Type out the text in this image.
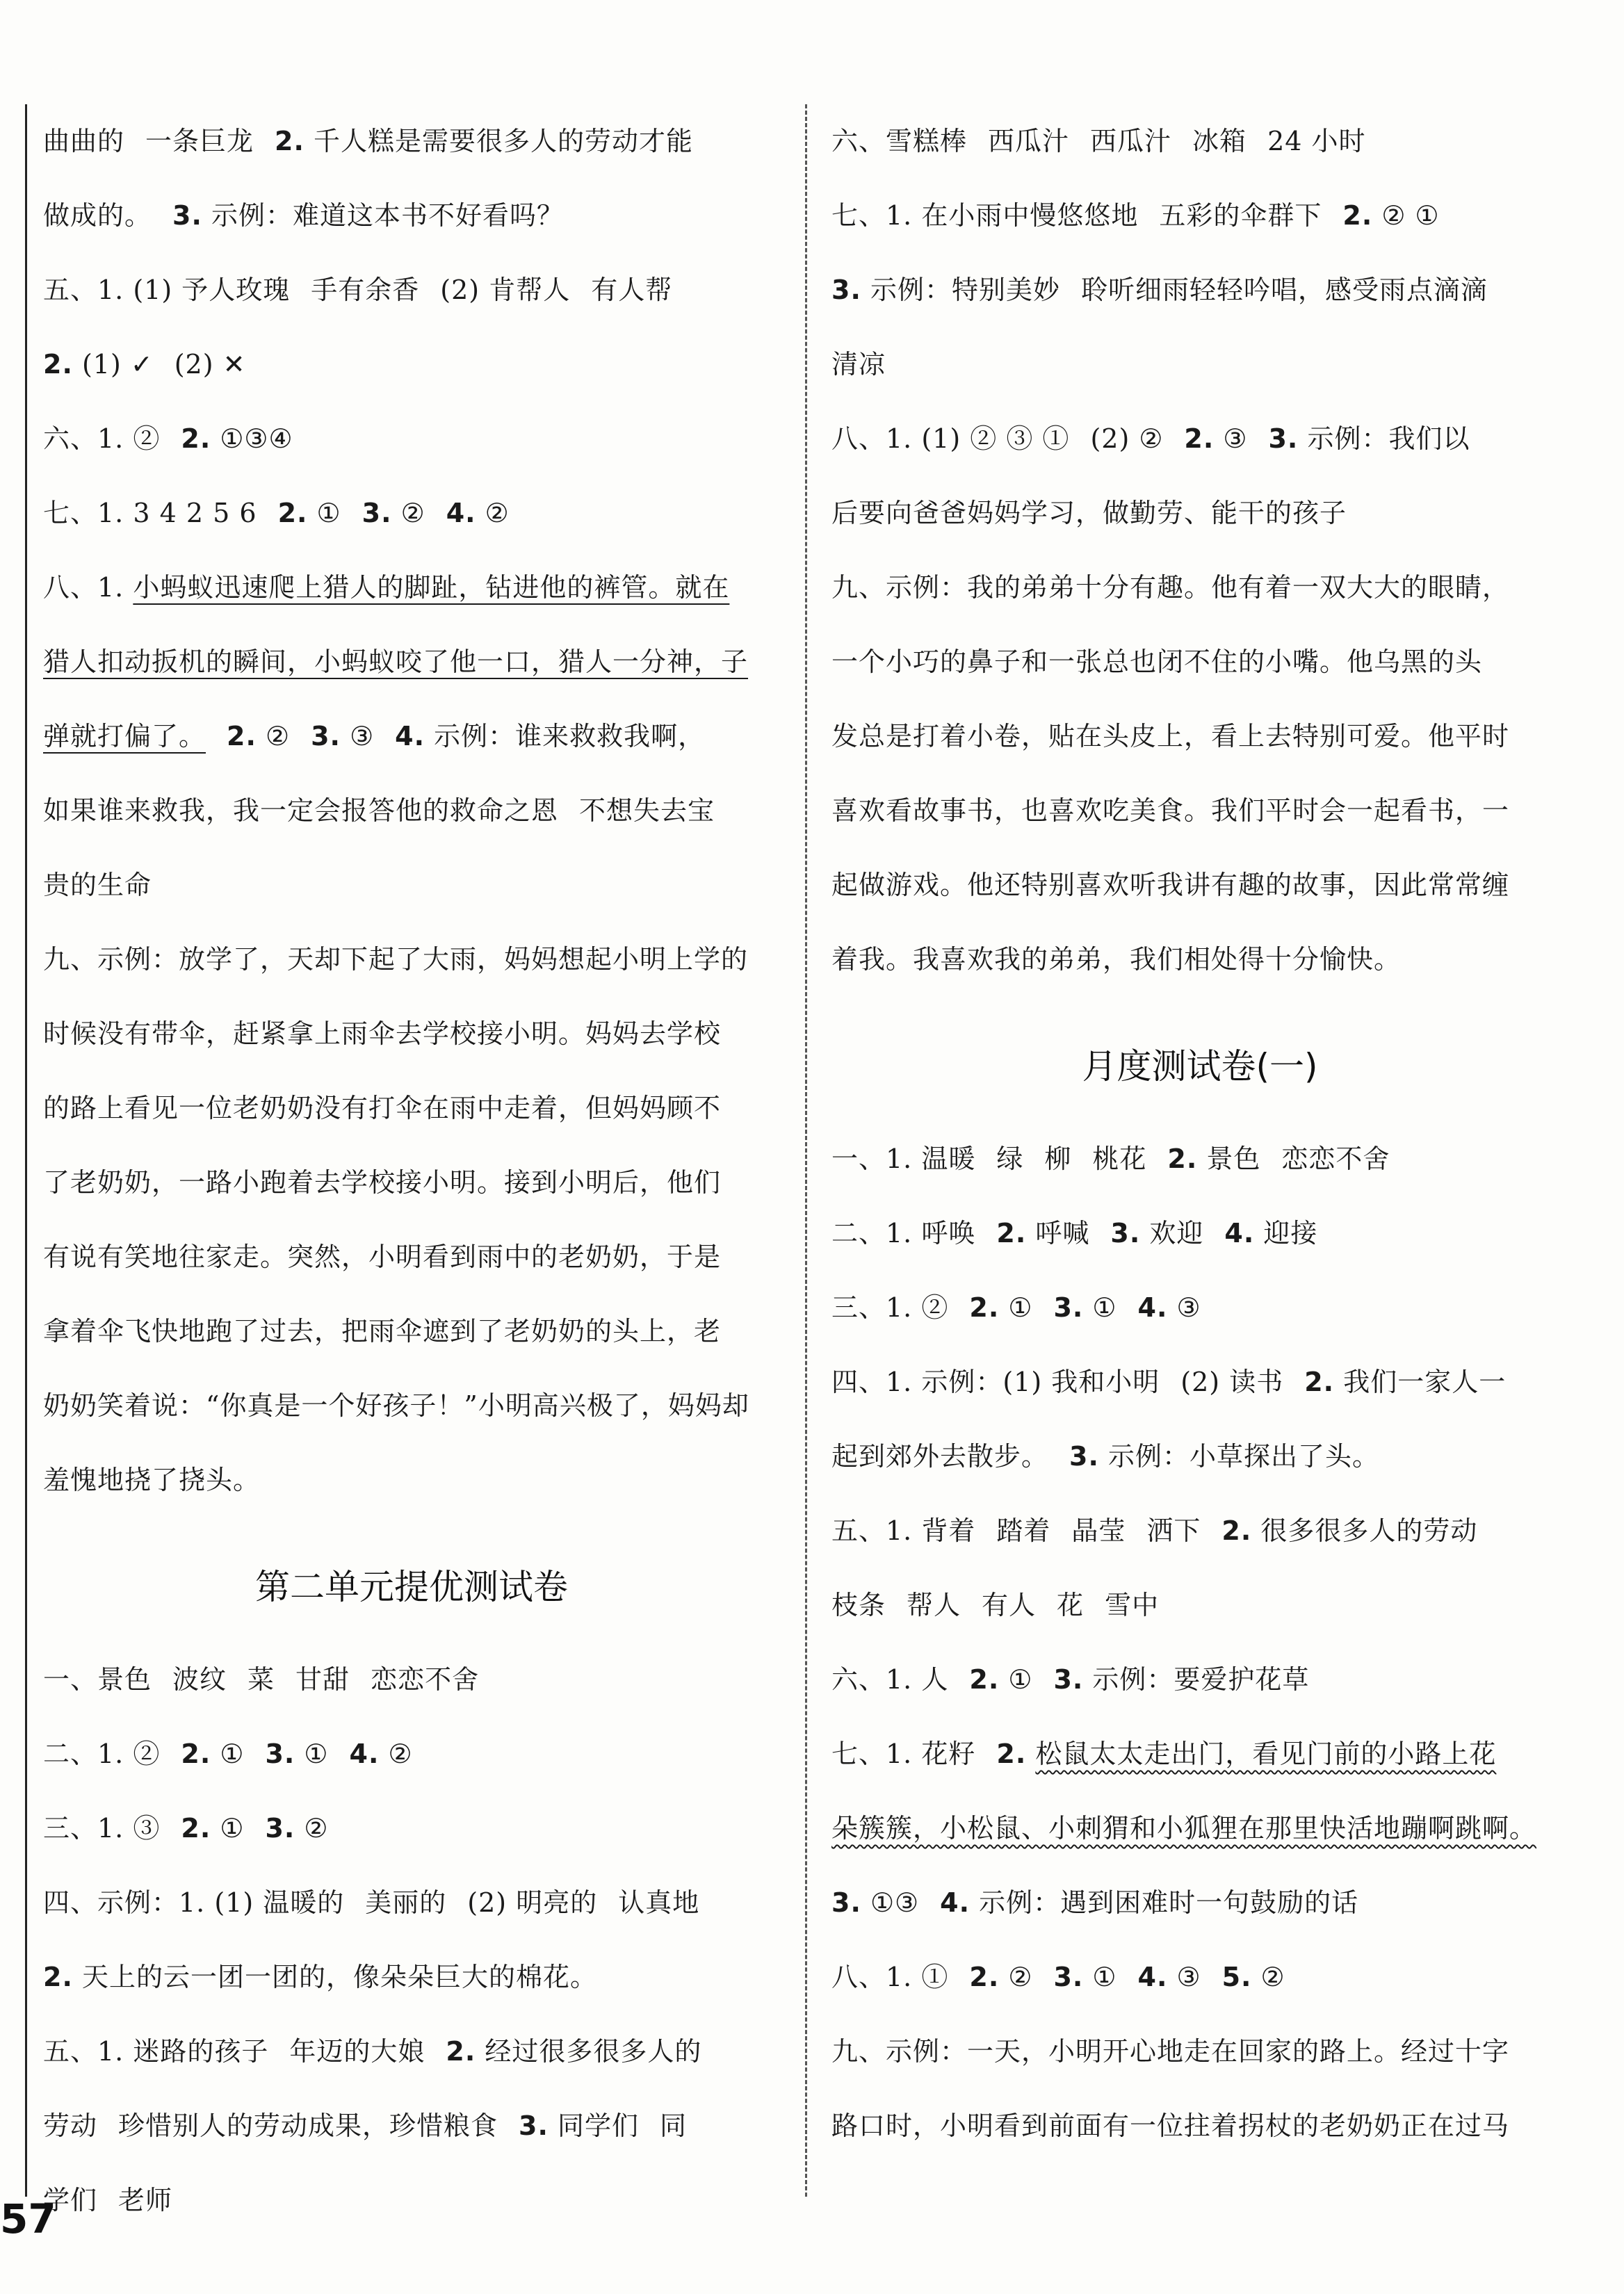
曲曲的 一条巨龙 2. 千人糕是需要很多人的劳动才能
做成的。 3. 示例：难道这本书不好看吗？
五、1. (1) 予人玫瑰 手有余香 (2) 肯帮人 有人帮
2. (1) ✓ (2) ✕
六、1. ② 2. ①③④
七、1. 3 4 2 5 6 2. ① 3. ② 4. ②
八、1. 小蚂蚁迅速爬上猎人的脚趾，钻进他的裤管。就在
猎人扣动扳机的瞬间，小蚂蚁咬了他一口，猎人一分神，子
弹就打偏了。 2. ② 3. ③ 4. 示例：谁来救救我啊，
如果谁来救我，我一定会报答他的救命之恩 不想失去宝
贵的生命
九、示例：放学了，天却下起了大雨，妈妈想起小明上学的
时候没有带伞，赶紧拿上雨伞去学校接小明。妈妈去学校
的路上看见一位老奶奶没有打伞在雨中走着，但妈妈顾不
了老奶奶，一路小跑着去学校接小明。接到小明后，他们
有说有笑地往家走。突然，小明看到雨中的老奶奶，于是
拿着伞飞快地跑了过去，把雨伞遮到了老奶奶的头上，老
奶奶笑着说：“你真是一个好孩子！”小明高兴极了，妈妈却
羞愧地挠了挠头。
第二单元提优测试卷
一、景色 波纹 菜 甘甜 恋恋不舍
二、1. ② 2. ① 3. ① 4. ②
三、1. ③ 2. ① 3. ②
四、示例：1. (1) 温暖的 美丽的 (2) 明亮的 认真地
2. 天上的云一团一团的，像朵朵巨大的棉花。
五、1. 迷路的孩子 年迈的大娘 2. 经过很多很多人的
劳动 珍惜别人的劳动成果，珍惜粮食 3. 同学们 同
学们 老师
六、雪糕棒 西瓜汁 西瓜汁 冰箱 24 小时
七、1. 在小雨中慢悠悠地 五彩的伞群下 2. ② ①
3. 示例：特别美妙 聆听细雨轻轻吟唱，感受雨点滴滴
清凉
八、1. (1) ② ③ ① (2) ② 2. ③ 3. 示例：我们以
后要向爸爸妈妈学习，做勤劳、能干的孩子
九、示例：我的弟弟十分有趣。他有着一双大大的眼睛，
一个小巧的鼻子和一张总也闭不住的小嘴。他乌黑的头
发总是打着小卷，贴在头皮上，看上去特别可爱。他平时
喜欢看故事书，也喜欢吃美食。我们平时会一起看书，一
起做游戏。他还特别喜欢听我讲有趣的故事，因此常常缠
着我。我喜欢我的弟弟，我们相处得十分愉快。
月度测试卷(一)
一、1. 温暖 绿 柳 桃花 2. 景色 恋恋不舍
二、1. 呼唤 2. 呼喊 3. 欢迎 4. 迎接
三、1. ② 2. ① 3. ① 4. ③
四、1. 示例：(1) 我和小明 (2) 读书 2. 我们一家人一
起到郊外去散步。 3. 示例：小草探出了头。
五、1. 背着 踏着 晶莹 洒下 2. 很多很多人的劳动
枝条 帮人 有人 花 雪中
六、1. 人 2. ① 3. 示例：要爱护花草
七、1. 花籽 2. 松鼠太太走出门，看见门前的小路上花
朵簇簇，小松鼠、小刺猬和小狐狸在那里快活地蹦啊跳啊。
3. ①③ 4. 示例：遇到困难时一句鼓励的话
八、1. ① 2. ② 3. ① 4. ③ 5. ②
九、示例：一天，小明开心地走在回家的路上。经过十字
路口时，小明看到前面有一位拄着拐杖的老奶奶正在过马
57
